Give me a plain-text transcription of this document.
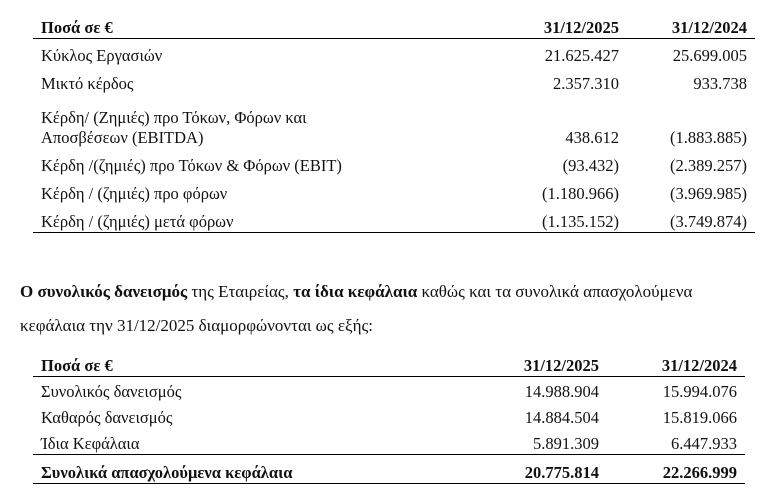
Ποσά σε €	31/12/2025	31/12/2024
Κύκλος Εργασιών	21.625.427	25.699.005
Μικτό κέρδος	2.357.310	933.738
Κέρδη/ (Ζημιές) προ Τόκων, Φόρων και
Αποσβέσεων (EBITDA)	438.612	(1.883.885)
Κέρδη /(ζημιές) προ Τόκων & Φόρων (EBIT)	(93.432)	(2.389.257)
Κέρδη / (ζημιές) προ φόρων	(1.180.966)	(3.969.985)
Κέρδη / (ζημιές) μετά φόρων	(1.135.152)	(3.749.874)

Ο συνολικός δανεισμός της Εταιρείας, τα ίδια κεφάλαια καθώς και τα συνολικά απασχολούμενα κεφάλαια την 31/12/2025 διαμορφώνονται ως εξής:

Ποσά σε €	31/12/2025	31/12/2024
Συνολικός δανεισμός	14.988.904	15.994.076
Καθαρός δανεισμός	14.884.504	15.819.066
Ίδια Κεφάλαια	5.891.309	6.447.933
Συνολικά απασχολούμενα κεφάλαια	20.775.814	22.266.999
